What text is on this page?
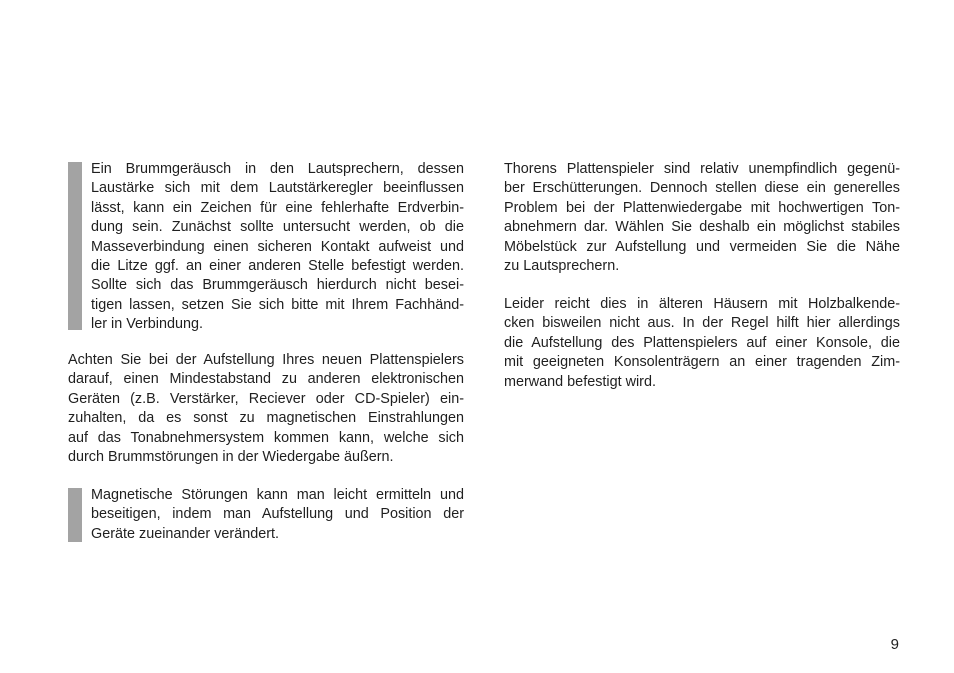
Ein Brummgeräusch in den Lautsprechern, dessen
Laustärke sich mit dem Lautstärkeregler beeinflussen
lässt, kann ein Zeichen für eine fehlerhafte Erdverbin-
dung sein. Zunächst sollte untersucht werden, ob die
Masseverbindung einen sicheren Kontakt aufweist und
die Litze ggf. an einer anderen Stelle befestigt werden.
Sollte sich das Brummgeräusch hierdurch nicht besei-
tigen lassen, setzen Sie sich bitte mit Ihrem Fachhänd-
ler in Verbindung.
Achten Sie bei der Aufstellung Ihres neuen Plattenspielers
darauf, einen Mindestabstand zu anderen elektronischen
Geräten (z.B. Verstärker, Reciever oder CD-Spieler) ein-
zuhalten, da es sonst zu magnetischen Einstrahlungen
auf das Tonabnehmersystem kommen kann, welche sich
durch Brummstörungen in der Wiedergabe äußern.
Magnetische Störungen kann man leicht ermitteln und
beseitigen, indem man Aufstellung und Position der
Geräte zueinander verändert.
Thorens Plattenspieler sind relativ unempfindlich gegenü-
ber Erschütterungen. Dennoch stellen diese ein generelles
Problem bei der Plattenwiedergabe mit hochwertigen Ton-
abnehmern dar. Wählen Sie deshalb ein möglichst stabiles
Möbelstück zur Aufstellung und vermeiden Sie die Nähe
zu Lautsprechern.
Leider reicht dies in älteren Häusern mit Holzbalkende-
cken bisweilen nicht aus. In der Regel hilft hier allerdings
die Aufstellung des Plattenspielers auf einer Konsole, die
mit geeigneten Konsolenträgern an einer tragenden Zim-
merwand befestigt wird.
9
